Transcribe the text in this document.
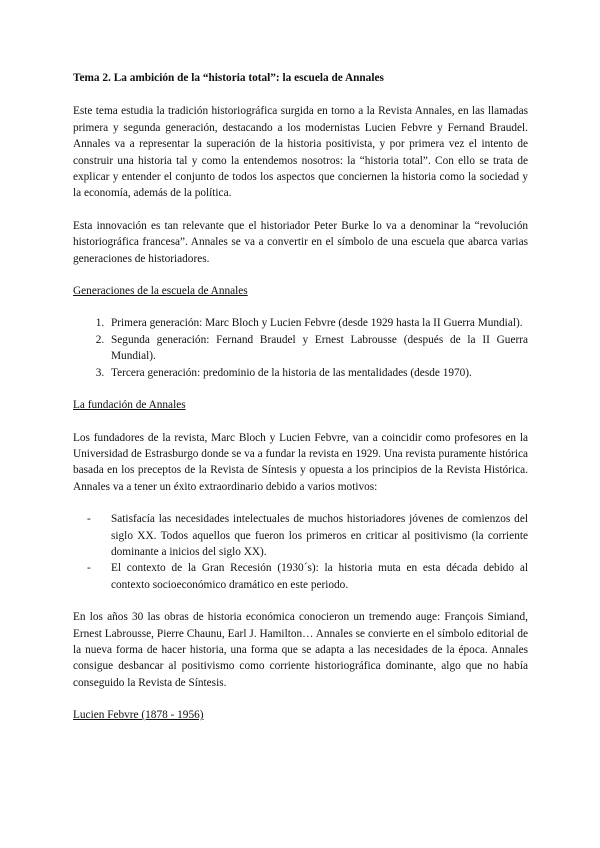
Tema 2. La ambición de la “historia total”: la escuela de Annales

Este tema estudia la tradición historiográfica surgida en torno a la Revista Annales, en las llamadas primera y segunda generación, destacando a los modernistas Lucien Febvre y Fernand Braudel. Annales va a representar la superación de la historia positivista, y por primera vez el intento de construir una historia tal y como la entendemos nosotros: la “historia total”. Con ello se trata de explicar y entender el conjunto de todos los aspectos que conciernen la historia como la sociedad y la economía, además de la política.

Esta innovación es tan relevante que el historiador Peter Burke lo va a denominar la “revolución historiográfica francesa”. Annales se va a convertir en el símbolo de una escuela que abarca varias generaciones de historiadores.

Generaciones de la escuela de Annales
1. Primera generación: Marc Bloch y Lucien Febvre (desde 1929 hasta la II Guerra Mundial).
2. Segunda generación: Fernand Braudel y Ernest Labrousse (después de la II Guerra Mundial).
3. Tercera generación: predominio de la historia de las mentalidades (desde 1970).
La fundación de Annales

Los fundadores de la revista, Marc Bloch y Lucien Febvre, van a coincidir como profesores en la Universidad de Estrasburgo donde se va a fundar la revista en 1929. Una revista puramente histórica basada en los preceptos de la Revista de Síntesis y opuesta a los principios de la Revista Histórica. Annales va a tener un éxito extraordinario debido a varios motivos:

- Satisfacía las necesidades intelectuales de muchos historiadores jóvenes de comienzos del siglo XX. Todos aquellos que fueron los primeros en criticar al positivismo (la corriente dominante a inicios del siglo XX).
- El contexto de la Gran Recesión (1930´s): la historia muta en esta década debido al contexto socioeconómico dramático en este periodo.

En los años 30 las obras de historia económica conocieron un tremendo auge: François Simiand, Ernest Labrousse, Pierre Chaunu, Earl J. Hamilton… Annales se convierte en el símbolo editorial de la nueva forma de hacer historia, una forma que se adapta a las necesidades de la época. Annales consigue desbancar al positivismo como corriente historiográfica dominante, algo que no había conseguido la Revista de Síntesis.

Lucien Febvre (1878 - 1956)
